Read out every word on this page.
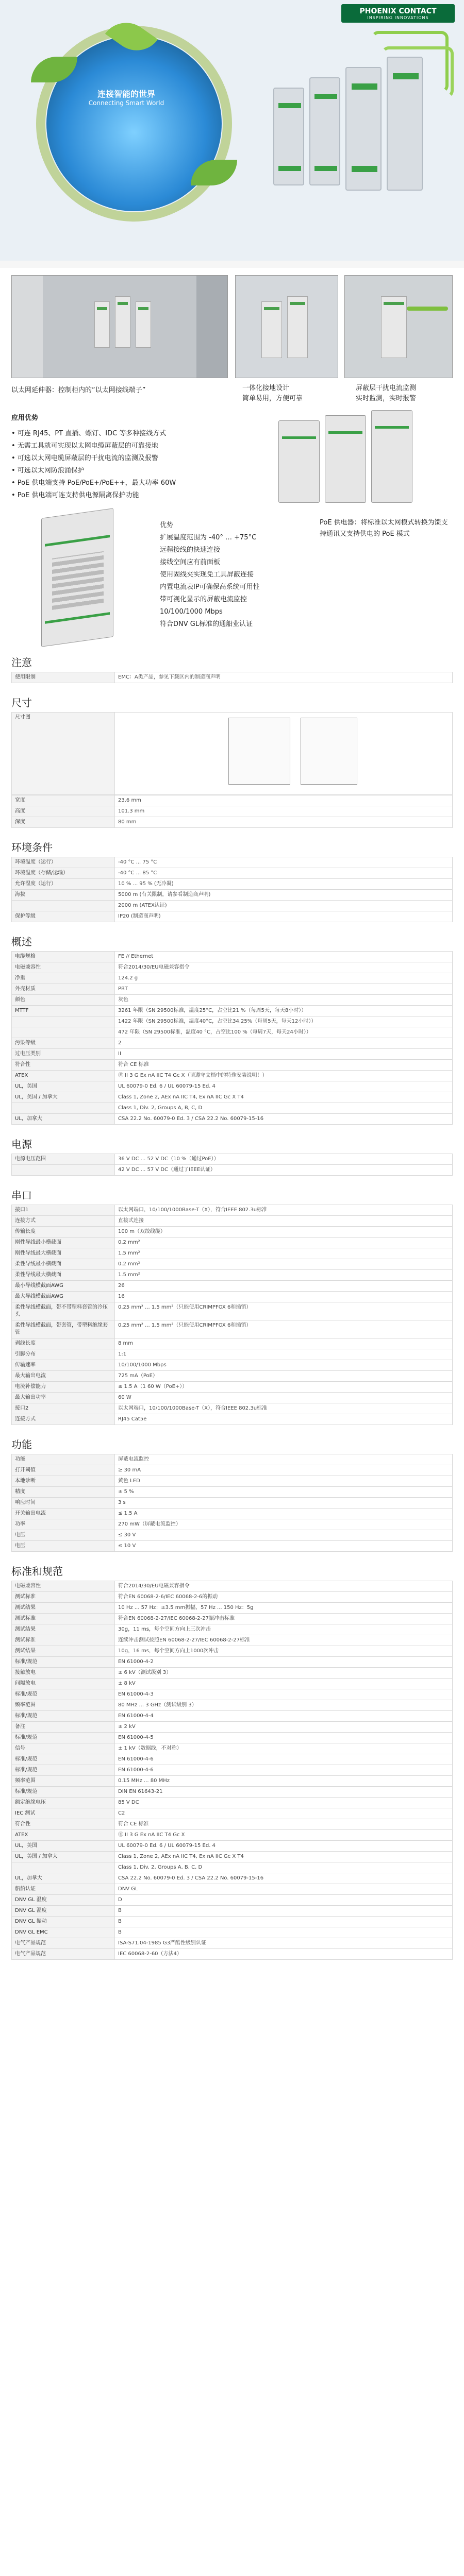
PHOENIX CONTACT
INSPIRING INNOVATIONS
连接智能的世界
Connecting Smart World
以太网延伸器：控制柜内的“以太网接线端子”	一体化接地设计
简单易用，方便可靠
屏蔽层干扰电流监测
实时监测，实时报警
应用优势
• 可连 RJ45、PT 直插、螺钉、IDC 等多种接线方式
• 无需工具就可实现以太网电缆屏蔽层的可靠接地
• 可选以太网电缆屏蔽层的干扰电流的监测及报警
• 可选以太网防浪涌保护
• PoE 供电端支持 PoE/PoE+/PoE++，最大功率 60W
• PoE 供电端可连支持供电源隔离保护功能
优势
扩展温度范围为 -40° … +75°C
远程接线的快速连接
接线空间应有前面板
使用固线夹实现免工具屏蔽连接
内置电流表IP可确保高系统可用性
带可视化显示的屏蔽电流监控
10/100/1000 Mbps
符合DNV GL标准的通船业认证
PoE 供电器：将标准以太网模式转换为馈支持通讯又支持供电的 PoE 模式
注意
使用限制	EMC：A类产品，参见下载区内的制造商声明
尺寸
尺寸图	
宽度	23.6 mm
高度	101.3 mm
深度	80 mm
环境条件
环境温度（运行）	-40 °C ... 75 °C
环境温度（存储/运输）	-40 °C ... 85 °C
允许湿度（运行）	10 % ... 95 % (无冷凝)
海拔	5000 m (有关限制，请参看制造商声明)
	2000 m (ATEX认证)
保护等级	IP20 (制造商声明)
概述
电缆规格	FE // Ethernet
电磁兼容性	符合2014/30/EU电磁兼容指令
净重	124.2 g
外壳材质	PBT
颜色	灰色
MTTF	3261 年限（SN 29500标准，温度25°C，占空比21 %（每周5天，每天8小时））
	1422 年限（SN 29500标准，温度40°C，占空比34.25%（每周5天，每天12小时））
	472 年限（SN 29500标准，温度40 °C，占空比100 %（每周7天，每天24小时））
污染等级	2
过电压类别	II
符合性	符合 CE 标准
ATEX	Ⓔ II 3 G Ex nA IIC T4 Gc X（请遵守文档中的特殊安装说明！）
UL，美国	UL 60079-0 Ed. 6 / UL 60079-15 Ed. 4
UL，美国 / 加拿大	Class 1, Zone 2, AEx nA IIC T4, Ex nA IIC Gc X T4
	Class 1, Div. 2, Groups A, B, C, D
UL，加拿大	CSA 22.2 No. 60079-0 Ed. 3 / CSA 22.2 No. 60079-15-16
电源
电源电压范围	36 V DC ... 52 V DC（10 %（通过PoE））
	42 V DC ... 57 V DC（通过了IEEE认证）
串口
接口1	以太网端口，10/100/1000Base-T（X），符合IEEE 802.3u标准
连接方式	直接式连接
传输长度	100 m（双绞线缆）
刚性导线最小横截面	0.2 mm²
刚性导线最大横截面	1.5 mm²
柔性导线最小横截面	0.2 mm²
柔性导线最大横截面	1.5 mm²
最小导线横截面AWG	26
最大导线横截面AWG	16
柔性导线横截面，带不带塑料套管的冷压头	0.25 mm² ... 1.5 mm²（只能使用CRIMPFOX 6和插销）
柔性导线横截面，带套管，带塑料绝缘套管	0.25 mm² ... 1.5 mm²（只能使用CRIMPFOX 6和插销）
剥线长度	8 mm
引脚分布	1:1
传输速率	10/100/1000 Mbps
最大输出电流	725 mA（PoE）
电流补偿能力	≤ 1.5 A（1 60 W（PoE+））
最大输出功率	60 W
接口2	以太网端口，10/100/1000Base-T（X），符合IEEE 802.3u标准
连接方式	RJ45 Cat5e
功能
功能	屏蔽电流监控
打开阈值	≥ 30 mA
本地诊断	黄色 LED
精度	± 5 %
响应时间	3 s
开关输出电流	≤ 1.5 A
功率	270 mW（屏蔽电流监控）
电压	≤ 30 V
电压	≤ 10 V
标准和规范
电磁兼容性	符合2014/30/EU电磁兼容指令
测试标准	符合EN 60068-2-6/IEC 60068-2-6的振动
测试结果	10 Hz ... 57 Hz：±3.5 mm振幅，57 Hz ... 150 Hz：5g
测试标准	符合EN 60068-2-27/IEC 60068-2-27振冲击标准
测试结果	30g，11 ms，每个空间方向上三次冲击
测试标准	连续冲击测试按照EN 60068-2-27/IEC 60068-2-27标准
测试结果	10g，16 ms，每个空间方向上1000次冲击
标准/规范	EN 61000-4-2
接触放电	± 6 kV（测试级别 3）
间隔放电	± 8 kV
标准/规范	EN 61000-4-3
频率范围	80 MHz ... 3 GHz（测试级别 3）
标准/规范	EN 61000-4-4
备注	± 2 kV
标准/规范	EN 61000-4-5
信号	± 1 kV（数据线，不对称）
标准/规范	EN 61000-4-6
标准/规范	EN 61000-4-6
频率范围	0.15 MHz ... 80 MHz
标准/规范	DIN EN 61643-21
额定绝缘电压	85 V DC
IEC 测试	C2
符合性	符合 CE 标准
ATEX	Ⓔ II 3 G Ex nA IIC T4 Gc X
UL，美国	UL 60079-0 Ed. 6 / UL 60079-15 Ed. 4
UL，美国 / 加拿大	Class 1, Zone 2, AEx nA IIC T4, Ex nA IIC Gc X T4
	Class 1, Div. 2, Groups A, B, C, D
UL，加拿大	CSA 22.2 No. 60079-0 Ed. 3 / CSA 22.2 No. 60079-15-16
船舶认证	DNV GL
DNV GL 温度	D
DNV GL 湿度	B
DNV GL 振动	B
DNV GL EMC	B
电气产品规范	ISA-S71.04-1985 G3严酷性级别认证
电气产品规范	IEC 60068-2-60（方法4）
